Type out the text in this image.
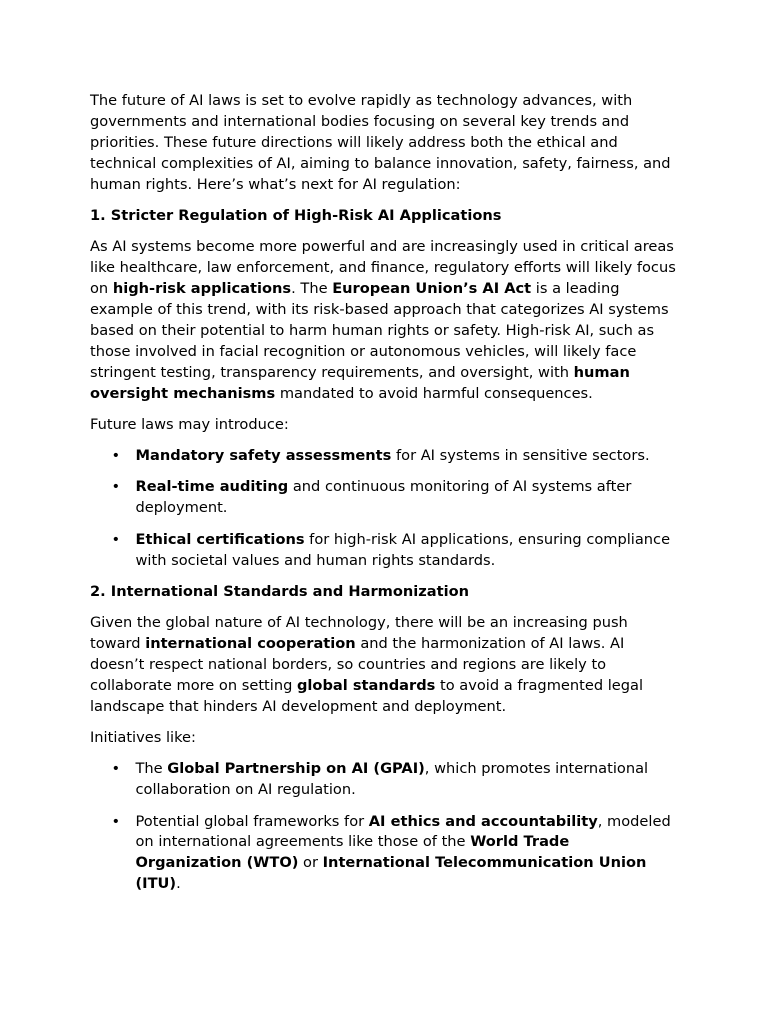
The future of AI laws is set to evolve rapidly as technology advances, with governments and international bodies focusing on several key trends and priorities. These future directions will likely address both the ethical and technical complexities of AI, aiming to balance innovation, safety, fairness, and human rights. Here’s what’s next for AI regulation:

1. Stricter Regulation of High-Risk AI Applications

As AI systems become more powerful and are increasingly used in critical areas like healthcare, law enforcement, and finance, regulatory efforts will likely focus on high-risk applications. The European Union’s AI Act is a leading example of this trend, with its risk-based approach that categorizes AI systems based on their potential to harm human rights or safety. High-risk AI, such as those involved in facial recognition or autonomous vehicles, will likely face stringent testing, transparency requirements, and oversight, with human oversight mechanisms mandated to avoid harmful consequences.

Future laws may introduce:

• Mandatory safety assessments for AI systems in sensitive sectors.
• Real-time auditing and continuous monitoring of AI systems after deployment.
• Ethical certifications for high-risk AI applications, ensuring compliance with societal values and human rights standards.
2. International Standards and Harmonization

Given the global nature of AI technology, there will be an increasing push toward international cooperation and the harmonization of AI laws. AI doesn’t respect national borders, so countries and regions are likely to collaborate more on setting global standards to avoid a fragmented legal landscape that hinders AI development and deployment.

Initiatives like:

• The Global Partnership on AI (GPAI), which promotes international collaboration on AI regulation.
• Potential global frameworks for AI ethics and accountability, modeled on international agreements like those of the World Trade Organization (WTO) or International Telecommunication Union (ITU).
